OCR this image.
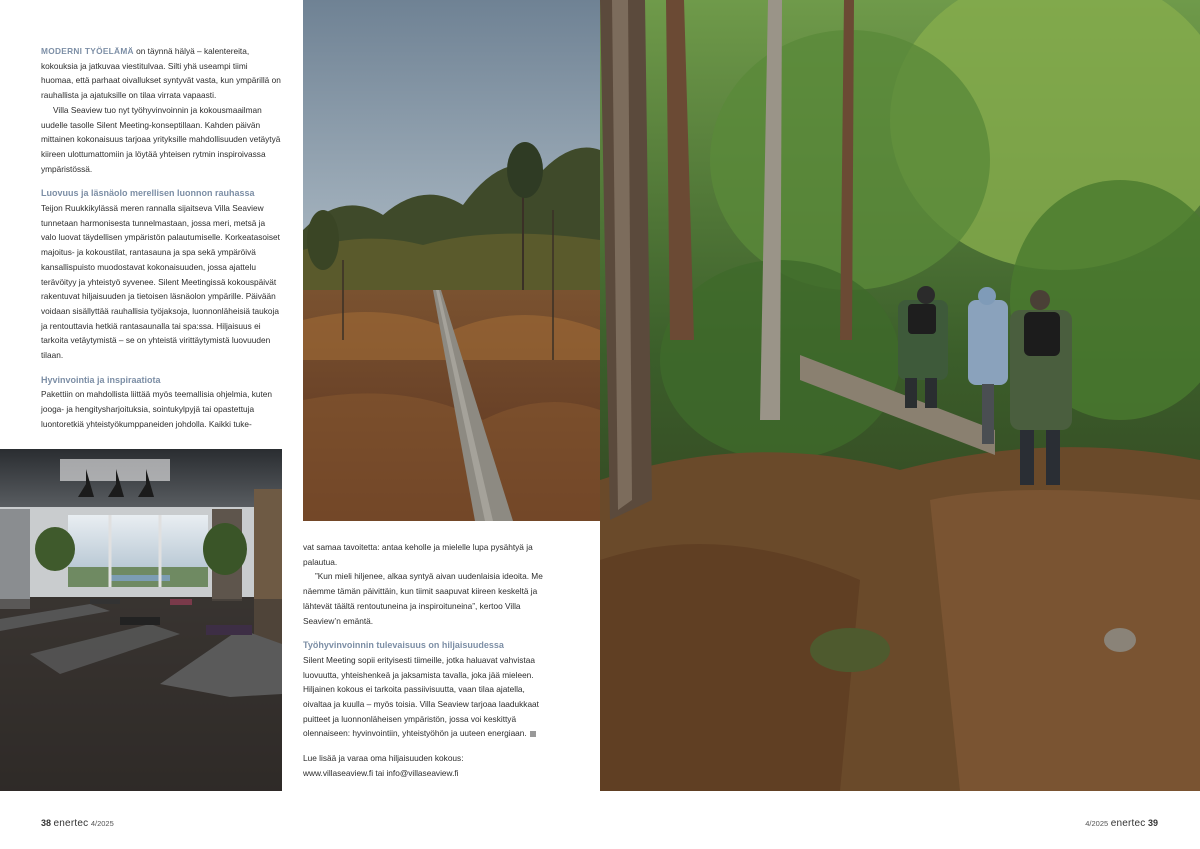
MODERNI TYÖELÄMÄ on täynnä hälyä – kalentereita, kokouksia ja jatkuvaa viestitulvaa. Silti yhä useampi tiimi huomaa, että parhaat oivallukset syntyvät vasta, kun ympärillä on rauhallista ja ajatuksille on tilaa virrata vapaasti.

Villa Seaview tuo nyt työhyvinvoinnin ja kokousmaailman uudelle tasolle Silent Meeting-konseptillaan. Kahden päivän mittainen kokonaisuus tarjoaa yrityksille mahdollisuuden vetäytyä kiireen ulottumattomiin ja löytää yhteisen rytmin inspiroivassa ympäristössä.

Luovuus ja läsnäolo merellisen luonnon rauhassa

Teijon Ruukkikylässä meren rannalla sijaitseva Villa Seaview tunnetaan harmonisesta tunnelmastaan, jossa meri, metsä ja valo luovat täydellisen ympäristön palautumiselle. Korkeatasoiset majoitus- ja kokoustilat, rantasauna ja spa sekä ympäröivä kansallispuisto muodostavat kokonaisuuden, jossa ajattelu terävöityy ja yhteistyö syvenee. Silent Meetingissä kokouspäivät rakentuvat hiljaisuuden ja tietoisen läsnäolon ympärille. Päivään voidaan sisällyttää rauhallisia työjaksoja, luonnonläheisiä taukoja ja rentouttavia hetkiä rantasaunalla tai spa:ssa. Hiljaisuus ei tarkoita vetäytymistä – se on yhteistä virittäytymistä luovuuden tilaan.

Hyvinvointia ja inspiraatiota

Pakettiin on mahdollista liittää myös teemallisia ohjelmia, kuten jooga- ja hengitysharjoituksia, sointukylpyjä tai opastettuja luontoretkiä yhteistyökumppaneiden johdolla. Kaikki tuke-

vat samaa tavoitetta: antaa keholle ja mielelle lupa pysähtyä ja palautua.

”Kun mieli hiljenee, alkaa syntyä aivan uudenlaisia ideoita. Me näemme tämän päivittäin, kun tiimit saapuvat kiireen keskeltä ja lähtevät täältä rentoutuneina ja inspiroituneina”, kertoo Villa Seaview’n emäntä.

Työhyvinvoinnin tulevaisuus on hiljaisuudessa

Silent Meeting sopii erityisesti tiimeille, jotka haluavat vahvistaa luovuutta, yhteishenkeä ja jaksamista tavalla, joka jää mieleen. Hiljainen kokous ei tarkoita passiivisuutta, vaan tilaa ajatella, oivaltaa ja kuulla – myös toisia. Villa Seaview tarjoaa laadukkaat puitteet ja luonnonläheisen ympäristön, jossa voi keskittyä olennaiseen: hyvinvointiin, yhteistyöhön ja uuteen energiaan.

Lue lisää ja varaa oma hiljaisuuden kokous:
www.villaseaview.fi tai info@villaseaview.fi

38 enertec 4/2025	4/2025 enertec 39
